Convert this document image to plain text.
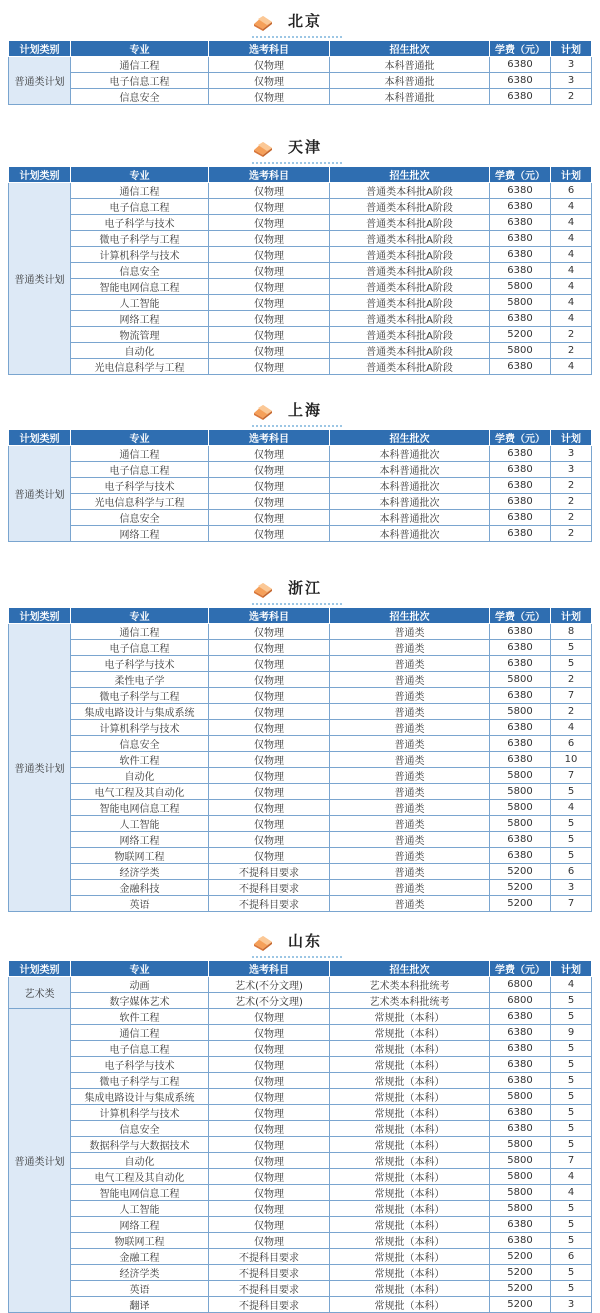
北京
计划类别	专业	选考科目	招生批次	学费（元）	计划
普通类计划	通信工程	仅物理	本科普通批	6380	3
	电子信息工程	仅物理	本科普通批	6380	3
	信息安全	仅物理	本科普通批	6380	2
天津
计划类别	专业	选考科目	招生批次	学费（元）	计划
普通类计划	通信工程	仅物理	普通类本科批A阶段	6380	6
	电子信息工程	仅物理	普通类本科批A阶段	6380	4
	电子科学与技术	仅物理	普通类本科批A阶段	6380	4
	微电子科学与工程	仅物理	普通类本科批A阶段	6380	4
	计算机科学与技术	仅物理	普通类本科批A阶段	6380	4
	信息安全	仅物理	普通类本科批A阶段	6380	4
	智能电网信息工程	仅物理	普通类本科批A阶段	5800	4
	人工智能	仅物理	普通类本科批A阶段	5800	4
	网络工程	仅物理	普通类本科批A阶段	6380	4
	物流管理	仅物理	普通类本科批A阶段	5200	2
	自动化	仅物理	普通类本科批A阶段	5800	2
	光电信息科学与工程	仅物理	普通类本科批A阶段	6380	4
上海
计划类别	专业	选考科目	招生批次	学费（元）	计划
普通类计划	通信工程	仅物理	本科普通批次	6380	3
	电子信息工程	仅物理	本科普通批次	6380	3
	电子科学与技术	仅物理	本科普通批次	6380	2
	光电信息科学与工程	仅物理	本科普通批次	6380	2
	信息安全	仅物理	本科普通批次	6380	2
	网络工程	仅物理	本科普通批次	6380	2
浙江
计划类别	专业	选考科目	招生批次	学费（元）	计划
普通类计划	通信工程	仅物理	普通类	6380	8
	电子信息工程	仅物理	普通类	6380	5
	电子科学与技术	仅物理	普通类	6380	5
	柔性电子学	仅物理	普通类	5800	2
	微电子科学与工程	仅物理	普通类	6380	7
	集成电路设计与集成系统	仅物理	普通类	5800	2
	计算机科学与技术	仅物理	普通类	6380	4
	信息安全	仅物理	普通类	6380	6
	软件工程	仅物理	普通类	6380	10
	自动化	仅物理	普通类	5800	7
	电气工程及其自动化	仅物理	普通类	5800	5
	智能电网信息工程	仅物理	普通类	5800	4
	人工智能	仅物理	普通类	5800	5
	网络工程	仅物理	普通类	6380	5
	物联网工程	仅物理	普通类	6380	5
	经济学类	不提科目要求	普通类	5200	6
	金融科技	不提科目要求	普通类	5200	3
	英语	不提科目要求	普通类	5200	7
山东
计划类别	专业	选考科目	招生批次	学费（元）	计划
艺术类	动画	艺术(不分文理)	艺术类本科批统考	6800	4
	数字媒体艺术	艺术(不分文理)	艺术类本科批统考	6800	5
普通类计划	软件工程	仅物理	常规批（本科）	6380	5
	通信工程	仅物理	常规批（本科）	6380	9
	电子信息工程	仅物理	常规批（本科）	6380	5
	电子科学与技术	仅物理	常规批（本科）	6380	5
	微电子科学与工程	仅物理	常规批（本科）	6380	5
	集成电路设计与集成系统	仅物理	常规批（本科）	5800	5
	计算机科学与技术	仅物理	常规批（本科）	6380	5
	信息安全	仅物理	常规批（本科）	6380	5
	数据科学与大数据技术	仅物理	常规批（本科）	5800	5
	自动化	仅物理	常规批（本科）	5800	7
	电气工程及其自动化	仅物理	常规批（本科）	5800	4
	智能电网信息工程	仅物理	常规批（本科）	5800	4
	人工智能	仅物理	常规批（本科）	5800	5
	网络工程	仅物理	常规批（本科）	6380	5
	物联网工程	仅物理	常规批（本科）	6380	5
	金融工程	不提科目要求	常规批（本科）	5200	6
	经济学类	不提科目要求	常规批（本科）	5200	5
	英语	不提科目要求	常规批（本科）	5200	5
	翻译	不提科目要求	常规批（本科）	5200	3
